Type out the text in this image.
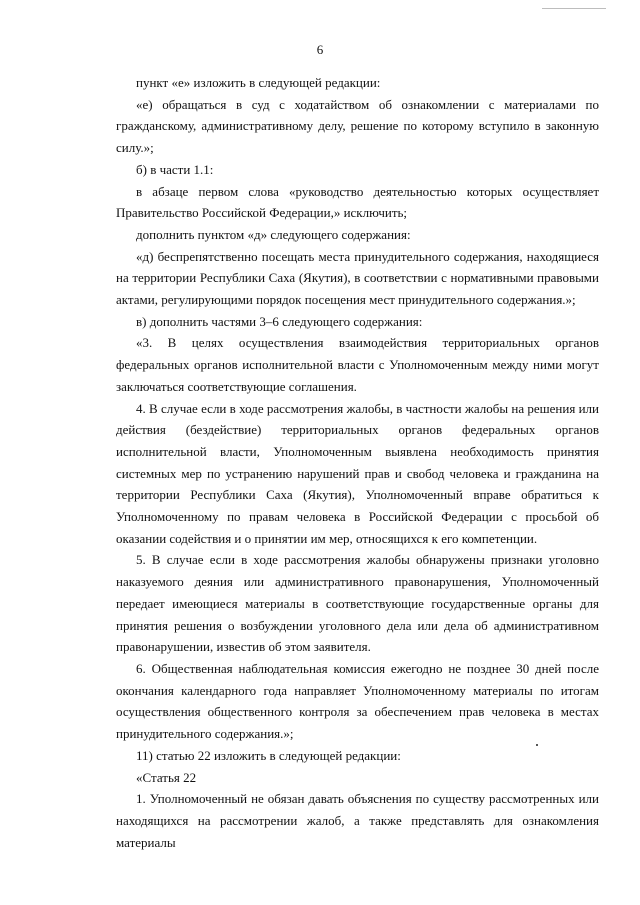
6

пункт «е» изложить в следующей редакции:

«е) обращаться в суд с ходатайством об ознакомлении с материалами по гражданскому, административному делу, решение по которому вступило в законную силу.»;

б) в части 1.1:

в абзаце первом слова «руководство деятельностью которых осуществляет Правительство Российской Федерации,» исключить;

дополнить пунктом «д» следующего содержания:

«д) беспрепятственно посещать места принудительного содержания, находящиеся на территории Республики Саха (Якутия), в соответствии с нормативными правовыми актами, регулирующими порядок посещения мест принудительного содержания.»;

в) дополнить частями 3–6 следующего содержания:

«3. В целях осуществления взаимодействия территориальных органов федеральных органов исполнительной власти с Уполномоченным между ними могут заключаться соответствующие соглашения.

4. В случае если в ходе рассмотрения жалобы, в частности жалобы на решения или действия (бездействие) территориальных органов федеральных органов исполнительной власти, Уполномоченным выявлена необходимость принятия системных мер по устранению нарушений прав и свобод человека и гражданина на территории Республики Саха (Якутия), Уполномоченный вправе обратиться к Уполномоченному по правам человека в Российской Федерации с просьбой об оказании содействия и о принятии им мер, относящихся к его компетенции.

5. В случае если в ходе рассмотрения жалобы обнаружены признаки уголовно наказуемого деяния или административного правонарушения, Уполномоченный передает имеющиеся материалы в соответствующие государственные органы для принятия решения о возбуждении уголовного дела или дела об административном правонарушении, известив об этом заявителя.

6. Общественная наблюдательная комиссия ежегодно не позднее 30 дней после окончания календарного года направляет Уполномоченному материалы по итогам осуществления общественного контроля за обеспечением прав человека в местах принудительного содержания.»;

11) статью 22 изложить в следующей редакции:

«Статья 22

1. Уполномоченный не обязан давать объяснения по существу рассмотренных или находящихся на рассмотрении жалоб, а также представлять для ознакомления материалы
